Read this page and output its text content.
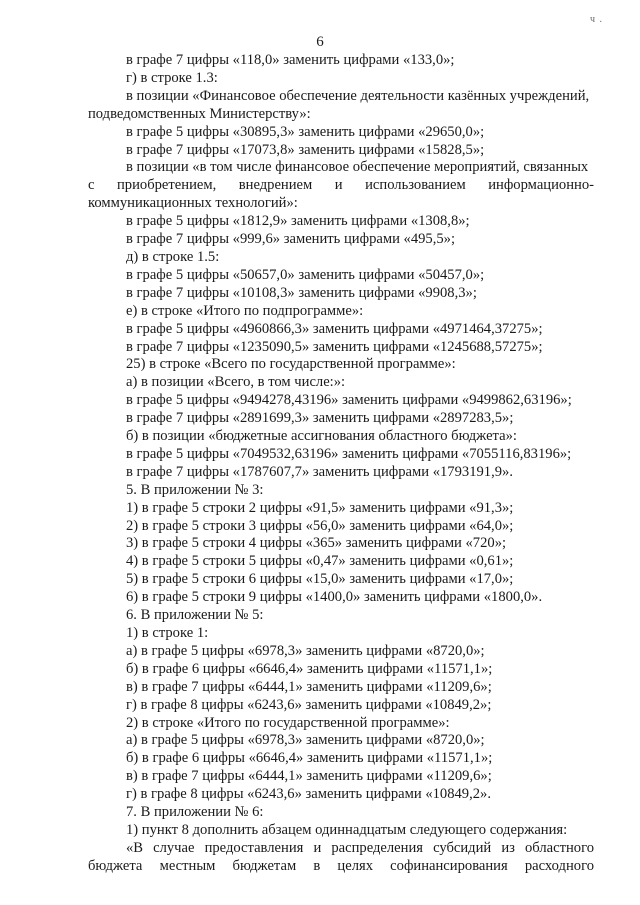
ч .
6
в графе 7 цифры «118,0» заменить цифрами «133,0»;
г) в строке 1.3:
в позиции «Финансовое обеспечение деятельности казённых учреждений,
подведомственных Министерству»:
в графе 5 цифры «30895,3» заменить цифрами «29650,0»;
в графе 7 цифры «17073,8» заменить цифрами «15828,5»;
в позиции «в том числе финансовое обеспечение мероприятий, связанных
с приобретением, внедрением и использованием информационно-
коммуникационных технологий»:
в графе 5 цифры «1812,9» заменить цифрами «1308,8»;
в графе 7 цифры «999,6» заменить цифрами «495,5»;
д) в строке 1.5:
в графе 5 цифры «50657,0» заменить цифрами «50457,0»;
в графе 7 цифры «10108,3» заменить цифрами «9908,3»;
е) в строке «Итого по подпрограмме»:
в графе 5 цифры «4960866,3» заменить цифрами «4971464,37275»;
в графе 7 цифры «1235090,5» заменить цифрами «1245688,57275»;
25) в строке «Всего по государственной программе»:
а) в позиции «Всего, в том числе:»:
в графе 5 цифры «9494278,43196» заменить цифрами «9499862,63196»;
в графе 7 цифры «2891699,3» заменить цифрами «2897283,5»;
б) в позиции «бюджетные ассигнования областного бюджета»:
в графе 5 цифры «7049532,63196» заменить цифрами «7055116,83196»;
в графе 7 цифры «1787607,7» заменить цифрами «1793191,9».
5. В приложении № 3:
1) в графе 5 строки 2 цифры «91,5» заменить цифрами «91,3»;
2) в графе 5 строки 3 цифры «56,0» заменить цифрами «64,0»;
3) в графе 5 строки 4 цифры «365» заменить цифрами «720»;
4) в графе 5 строки 5 цифры «0,47» заменить цифрами «0,61»;
5) в графе 5 строки 6 цифры «15,0» заменить цифрами «17,0»;
6) в графе 5 строки 9 цифры «1400,0» заменить цифрами «1800,0».
6. В приложении № 5:
1) в строке 1:
а) в графе 5 цифры «6978,3» заменить цифрами «8720,0»;
б) в графе 6 цифры «6646,4» заменить цифрами «11571,1»;
в) в графе 7 цифры «6444,1» заменить цифрами «11209,6»;
г) в графе 8 цифры «6243,6» заменить цифрами «10849,2»;
2) в строке «Итого по государственной программе»:
а) в графе 5 цифры «6978,3» заменить цифрами «8720,0»;
б) в графе 6 цифры «6646,4» заменить цифрами «11571,1»;
в) в графе 7 цифры «6444,1» заменить цифрами «11209,6»;
г) в графе 8 цифры «6243,6» заменить цифрами «10849,2».
7. В приложении № 6:
1) пункт 8 дополнить абзацем одиннадцатым следующего содержания:
«В случае предоставления и распределения субсидий из областного
бюджета местным бюджетам в целях софинансирования расходного
